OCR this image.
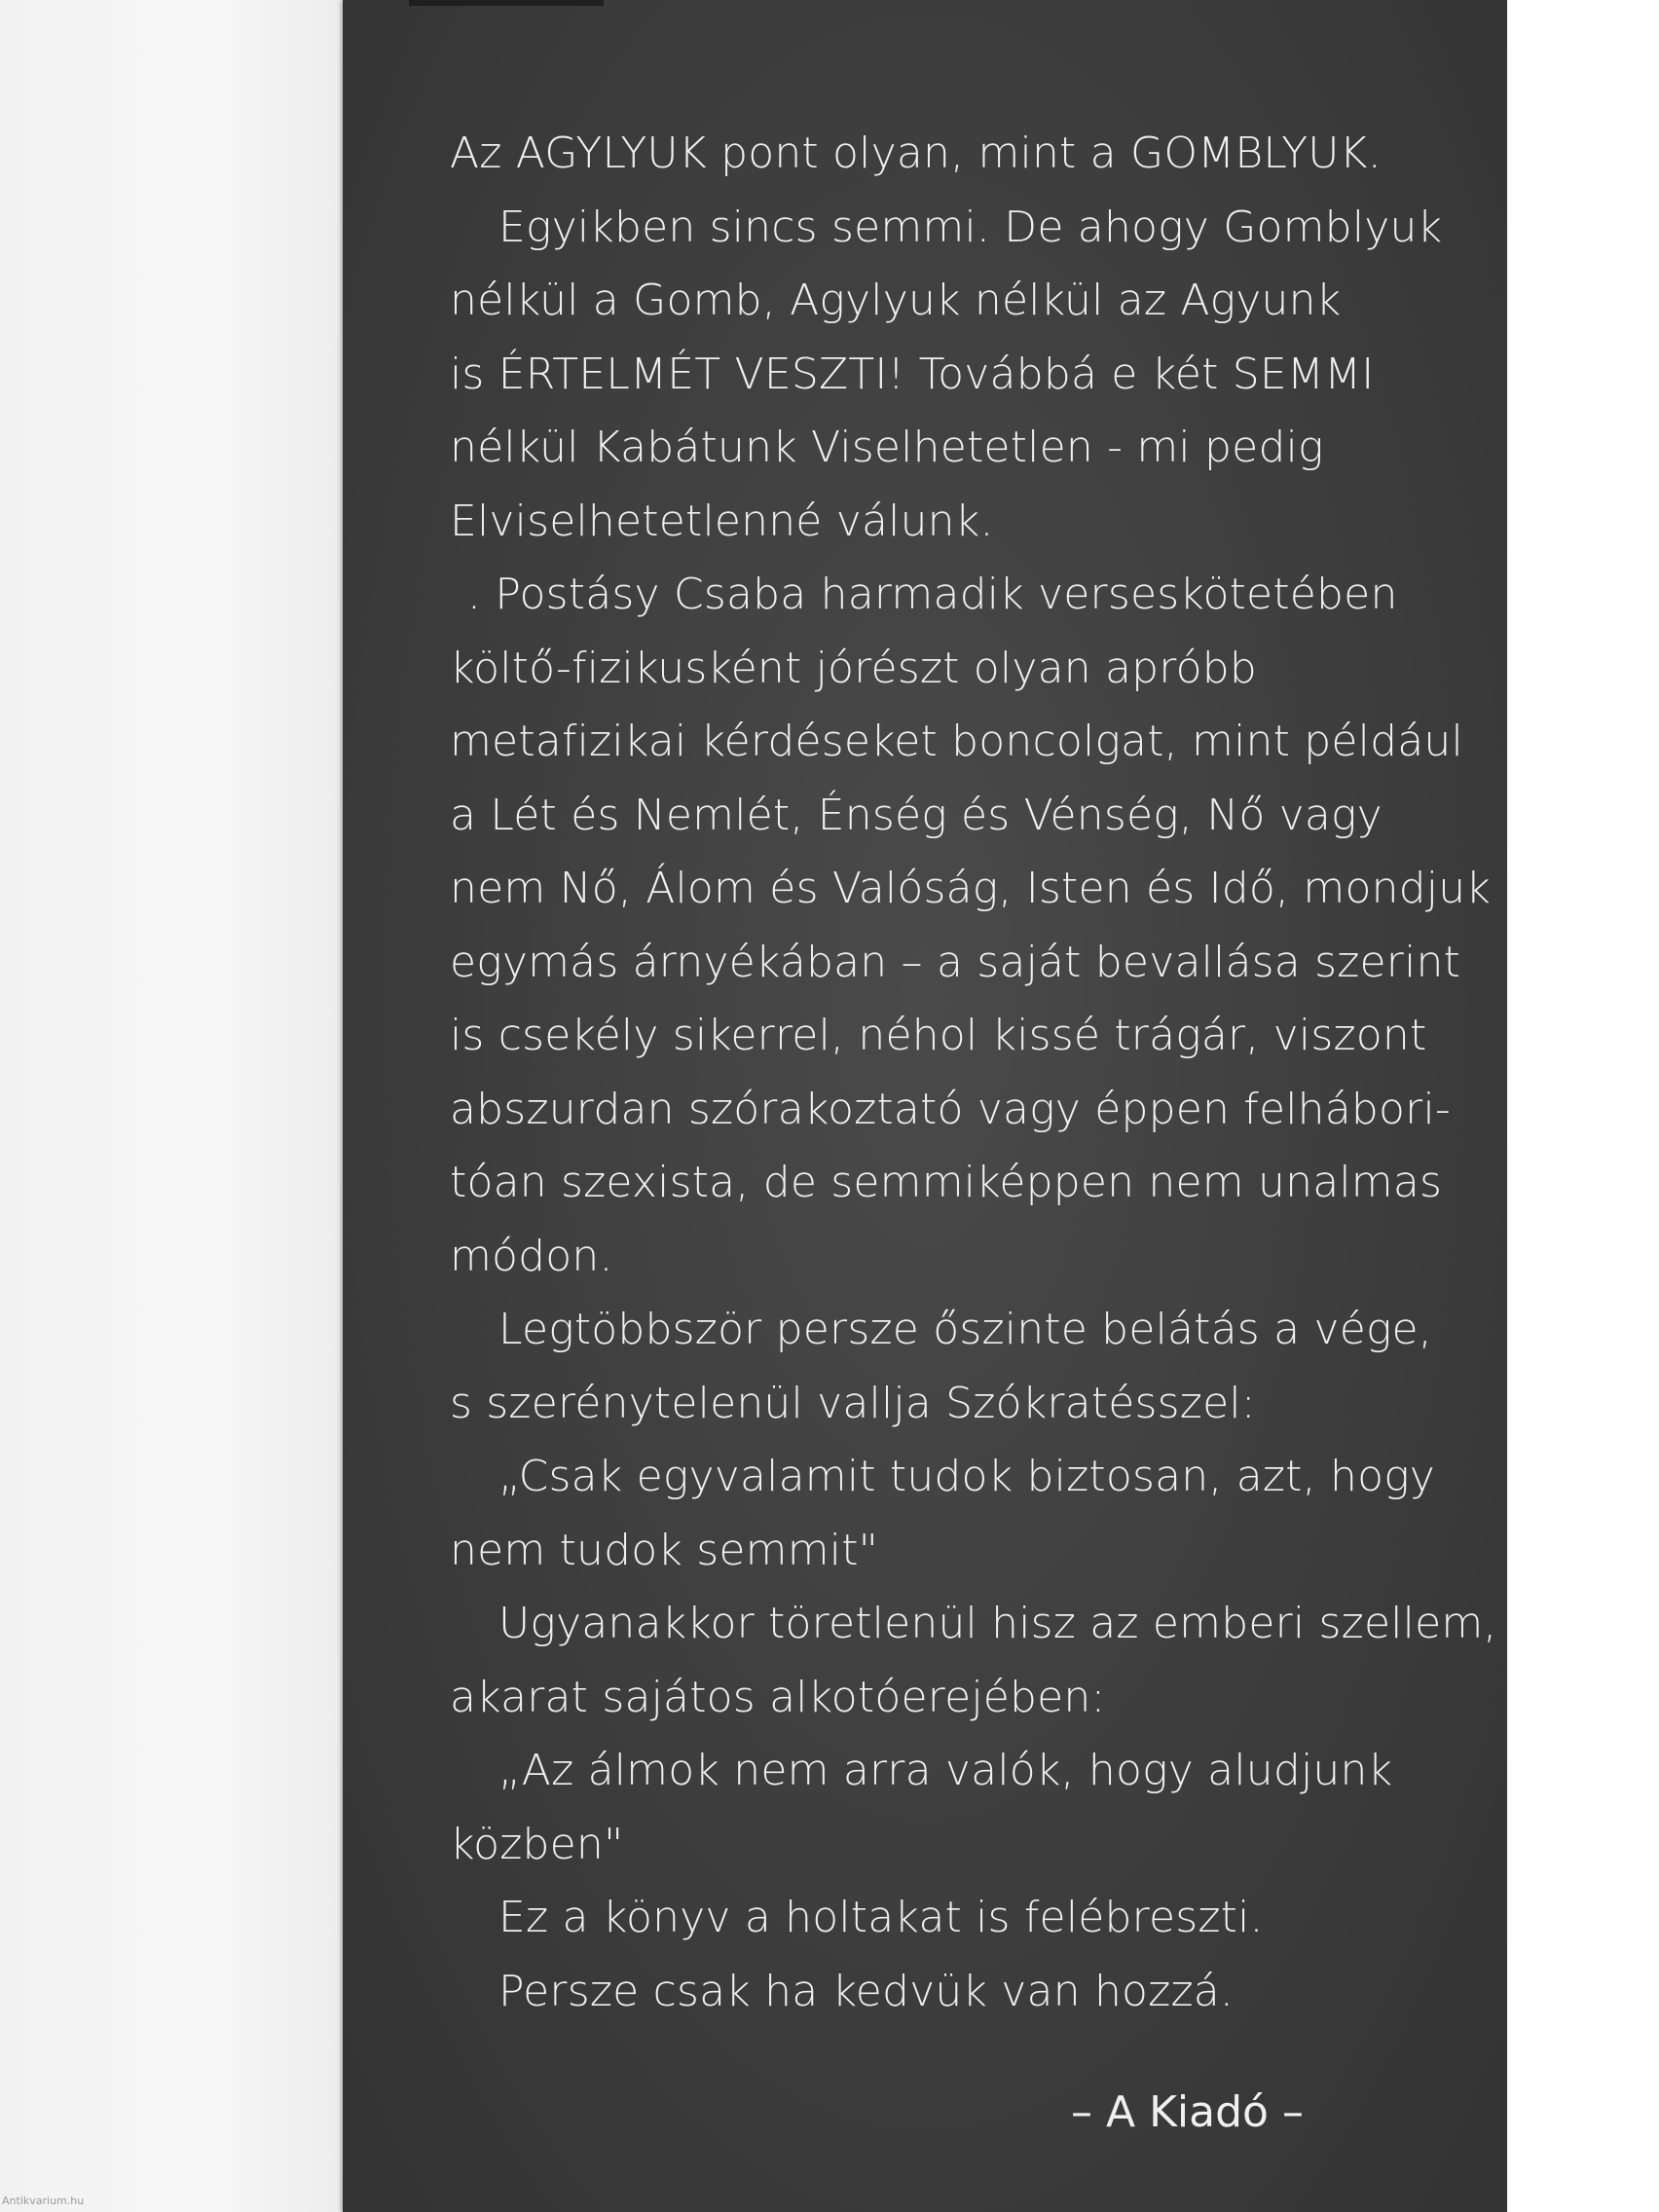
Az AGYLYUK pont olyan, mint a GOMBLYUK.
Egyikben sincs semmi. De ahogy Gomblyuk
nélkül a Gomb, Agylyuk nélkül az Agyunk
is ÉRTELMÉT VESZTI! Továbbá e két SEMMI
nélkül Kabátunk Viselhetetlen - mi pedig
Elviselhetetlenné válunk.
. Postásy Csaba harmadik verseskötetében
költő-fizikusként jórészt olyan apróbb
metafizikai kérdéseket boncolgat, mint például
a Lét és Nemlét, Énség és Vénség, Nő vagy
nem Nő, Álom és Valóság, Isten és Idő, mondjuk
egymás árnyékában – a saját bevallása szerint
is csekély sikerrel, néhol kissé trágár, viszont
abszurdan szórakoztató vagy éppen felhábori-
tóan szexista, de semmiképpen nem unalmas
módon.
Legtöbbször persze őszinte belátás a vége,
s szerénytelenül vallja Szókratésszel:
„Csak egyvalamit tudok biztosan, azt, hogy
nem tudok semmit"
Ugyanakkor töretlenül hisz az emberi szellem,
akarat sajátos alkotóerejében:
„Az álmok nem arra valók, hogy aludjunk
közben"
Ez a könyv a holtakat is felébreszti.
Persze csak ha kedvük van hozzá.
– A Kiadó –
Antikvarium.hu
